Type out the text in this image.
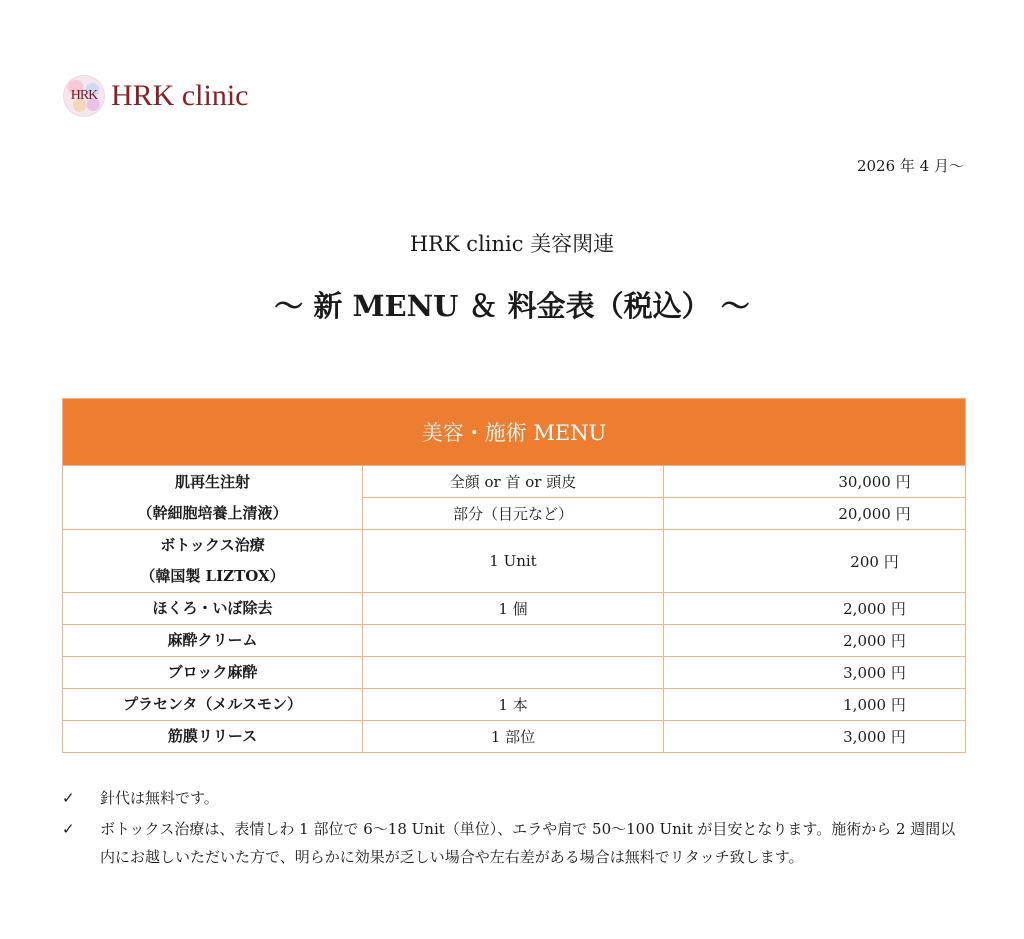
HRK HRK clinic
2026 年 4 月〜
HRK clinic 美容関連
〜 新 MENU ＆ 料金表（税込） 〜
美容・施術 MENU		

肌再生注射
（幹細胞培養上清液）	全顔 or 首 or 頭皮	30,000 円
	部分（目元など）	20,000 円

ボトックス治療
（韓国製 LIZTOX）	1 Unit	200 円
ほくろ・いぼ除去	1 個	2,000 円
麻酔クリーム		2,000 円
ブロック麻酔		3,000 円
プラセンタ（メルスモン）	1 本	1,000 円
筋膜リリース	1 部位	3,000 円
✓	針代は無料です。
✓	ボトックス治療は、表情しわ 1 部位で 6〜18 Unit（単位）、エラや肩で 50〜100 Unit が目安となります。施術から 2 週間以内にお越しいただいた方で、明らかに効果が乏しい場合や左右差がある場合は無料でリタッチ致します。
